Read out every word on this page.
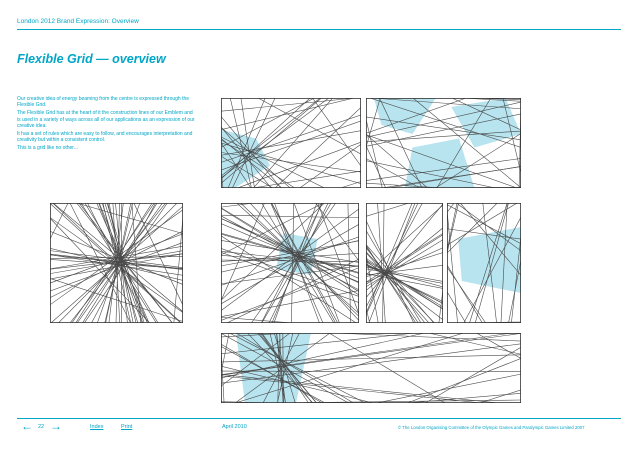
London 2012 Brand Expression: Overview
Flexible Grid — overview

Our creative idea of energy beaming from the centre is expressed through the Flexible Grid.

The Flexible Grid has at the heart of it the construction lines of our Emblem and is used in a variety of ways across all of our applications as an expression of our creative idea.

It has a set of rules which are easy to follow, and encourages interpretation and creativity but within a consistent control.

This is a grid like no other...

← 22 →	Index	Print	April 2010	© The London Organising Committee of the Olympic Games and Paralympic Games Limited 2007
